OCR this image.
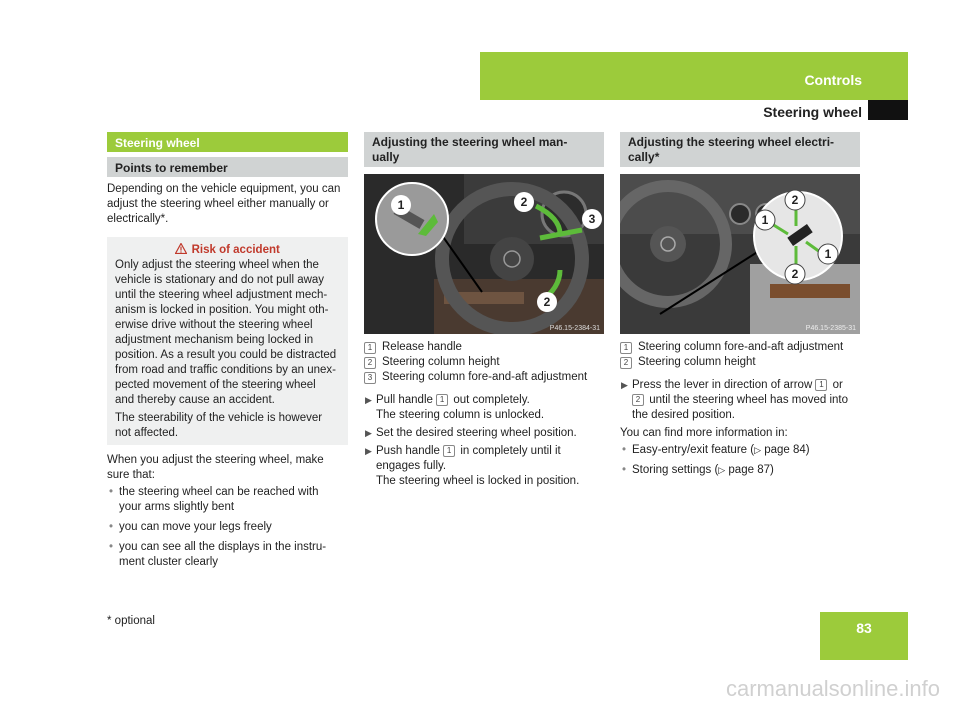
Controls
Steering wheel
Steering wheel
Points to remember
Depending on the vehicle equipment, you can
adjust the steering wheel either manually or
electrically*.
Risk of accident
Only adjust the steering wheel when the
vehicle is stationary and do not pull away
until the steering wheel adjustment mech-
anism is locked in position. You might oth-
erwise drive without the steering wheel
adjustment mechanism being locked in
position. As a result you could be distracted
from road and traffic conditions by an unex-
pected movement of the steering wheel
and thereby cause an accident.
The steerability of the vehicle is however
not affected.
When you adjust the steering wheel, make
sure that:
• the steering wheel can be reached with
your arms slightly bent
• you can move your legs freely
• you can see all the displays in the instru-
ment cluster clearly
Adjusting the steering wheel man-
ually
1	2
3
2
P46.15-2384-31
1 Release handle
2 Steering column height
3 Steering column fore-and-aft adjustment
▶ Pull handle 1 out completely.
The steering column is unlocked.
▶ Set the desired steering wheel position.
▶ Push handle 1 in completely until it
engages fully.
The steering wheel is locked in position.
Adjusting the steering wheel electri-
cally*
2
1
1
2
P46.15-2385-31
1 Steering column fore-and-aft adjustment
2 Steering column height
▶ Press the lever in direction of arrow 1 or
2 until the steering wheel has moved into
the desired position.
You can find more information in:
• Easy-entry/exit feature (▷ page 84)
• Storing settings (▷ page 87)
* optional	83
carmanualsonline.info
